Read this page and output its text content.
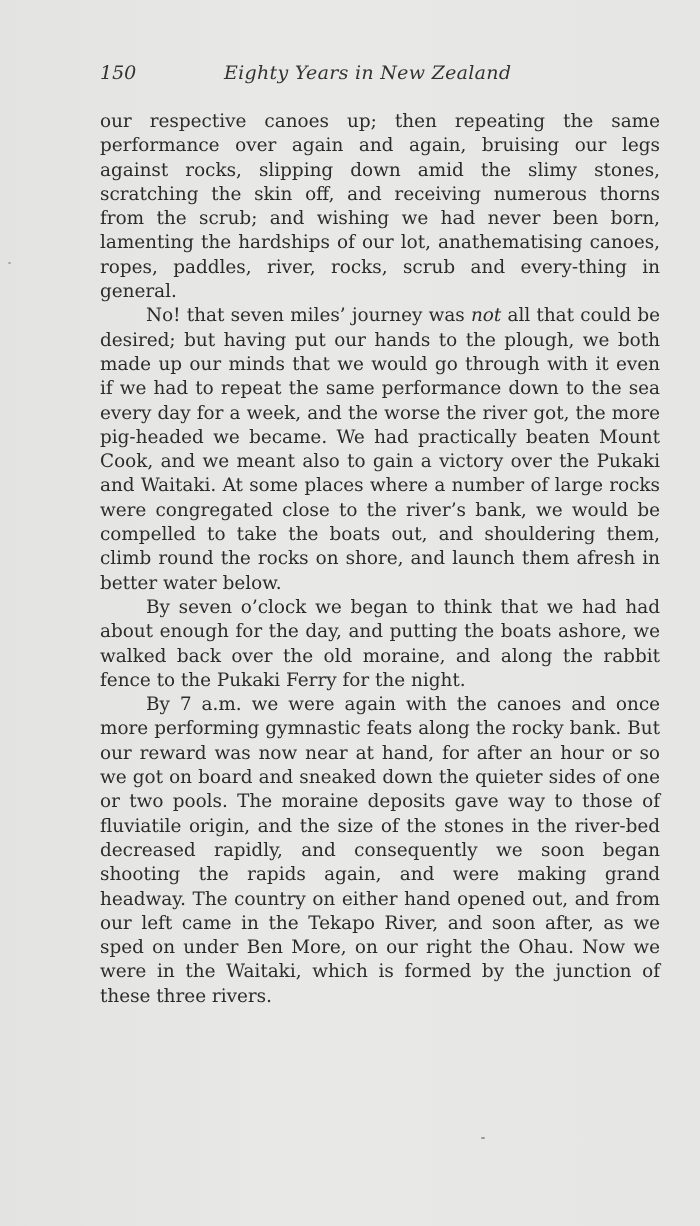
150	Eighty Years in New Zealand

our respective canoes up; then repeating the same performance over again and again, bruising our legs against rocks, slipping down amid the slimy stones, scratching the skin off, and receiving numerous thorns from the scrub; and wishing we had never been born, lamenting the hardships of our lot, anathematising canoes, ropes, paddles, river, rocks, scrub and every-thing in general.

No! that seven miles’ journey was not all that could be desired; but having put our hands to the plough, we both made up our minds that we would go through with it even if we had to repeat the same performance down to the sea every day for a week, and the worse the river got, the more pig-headed we became. We had practically beaten Mount Cook, and we meant also to gain a victory over the Pukaki and Waitaki. At some places where a number of large rocks were congregated close to the river’s bank, we would be compelled to take the boats out, and shouldering them, climb round the rocks on shore, and launch them afresh in better water below.

By seven o’clock we began to think that we had had about enough for the day, and putting the boats ashore, we walked back over the old moraine, and along the rabbit fence to the Pukaki Ferry for the night.

By 7 a.m. we were again with the canoes and once more performing gymnastic feats along the rocky bank. But our reward was now near at hand, for after an hour or so we got on board and sneaked down the quieter sides of one or two pools. The moraine deposits gave way to those of fluviatile origin, and the size of the stones in the river-bed decreased rapidly, and consequently we soon began shooting the rapids again, and were making grand headway. The country on either hand opened out, and from our left came in the Tekapo River, and soon after, as we sped on under Ben More, on our right the Ohau. Now we were in the Waitaki, which is formed by the junction of these three rivers.
